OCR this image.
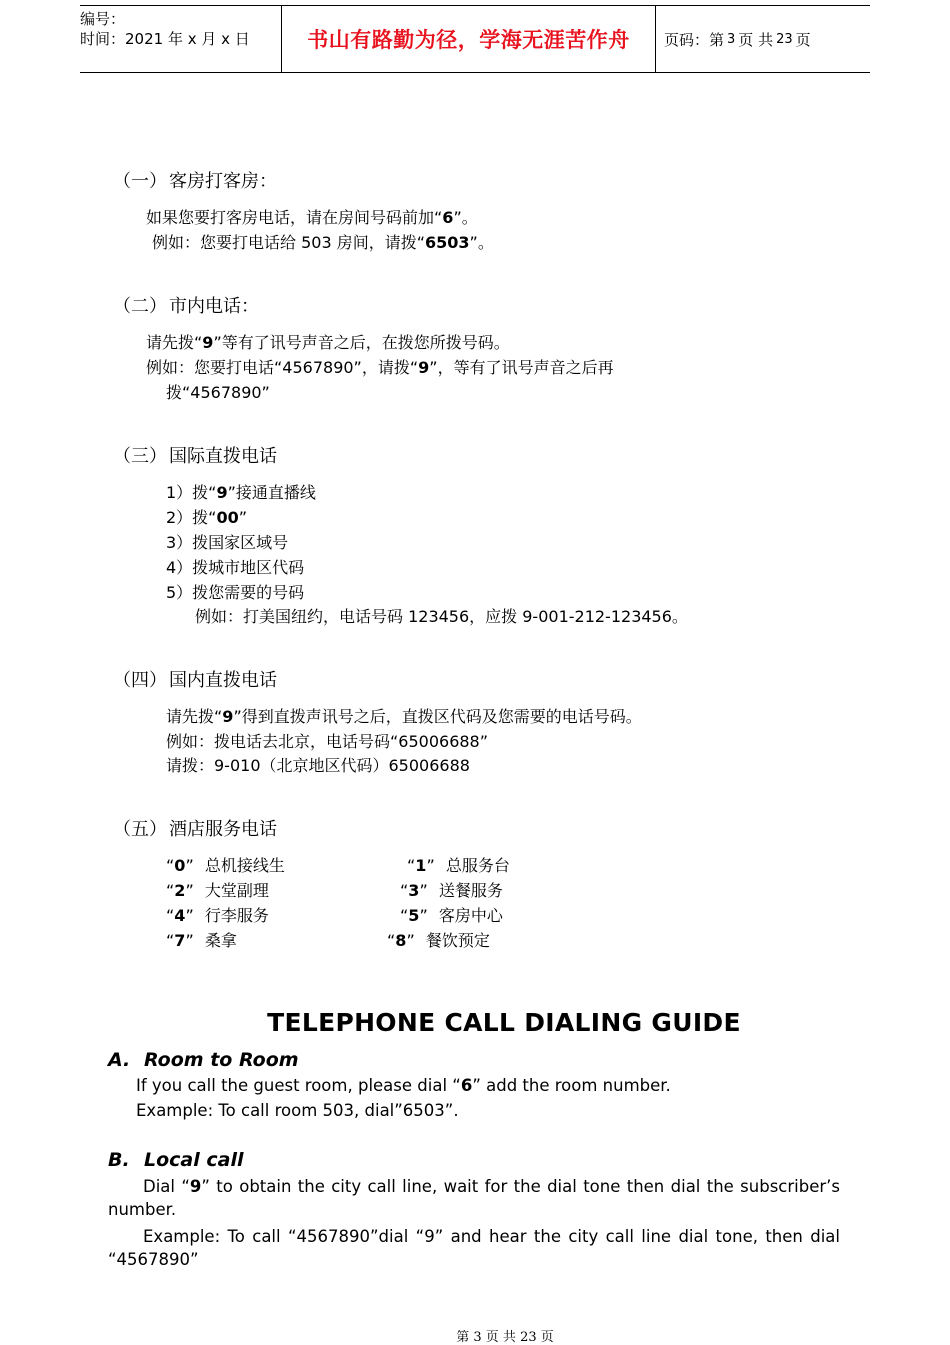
编号：
时间：2021 年 x 月 x 日	书山有路勤为径，学海无涯苦作舟	页码：第 3 页 共 23 页
（一） 客房打客房：
如果您要打客房电话，请在房间号码前加“6”。
例如：您要打电话给 503 房间，请拨“6503”。
（二） 市内电话：
请先拨“9”等有了讯号声音之后，在拨您所拨号码。
例如：您要打电话“4567890”，请拨“9”，等有了讯号声音之后再
拨“4567890”
（三） 国际直拨电话
1）拨“9”接通直播线
2）拨“00”
3）拨国家区域号
4）拨城市地区代码
5）拨您需要的号码
例如：打美国纽约，电话号码 123456，应拨 9-001-212-123456。
（四） 国内直拨电话
请先拨“9”得到直拨声讯号之后，直拨区代码及您需要的电话号码。
例如：拨电话去北京，电话号码“65006688”
请拨：9-010（北京地区代码）65006688
（五） 酒店服务电话
“0” 总机接线生	“1” 总服务台
“2” 大堂副理	“3” 送餐服务
“4” 行李服务	“5” 客房中心
“7” 桑拿	“8” 餐饮预定
TELEPHONE CALL DIALING GUIDE
A. Room to Room
If you call the guest room, please dial “6” add the room number.
Example: To call room 503, dial”6503”.
B. Local call
Dial “9” to obtain the city call line, wait for the dial tone then dial the subscriber’s
number.
Example: To call “4567890”dial “9” and hear the city call line dial tone, then dial
“4567890”
第 3 页 共 23 页
